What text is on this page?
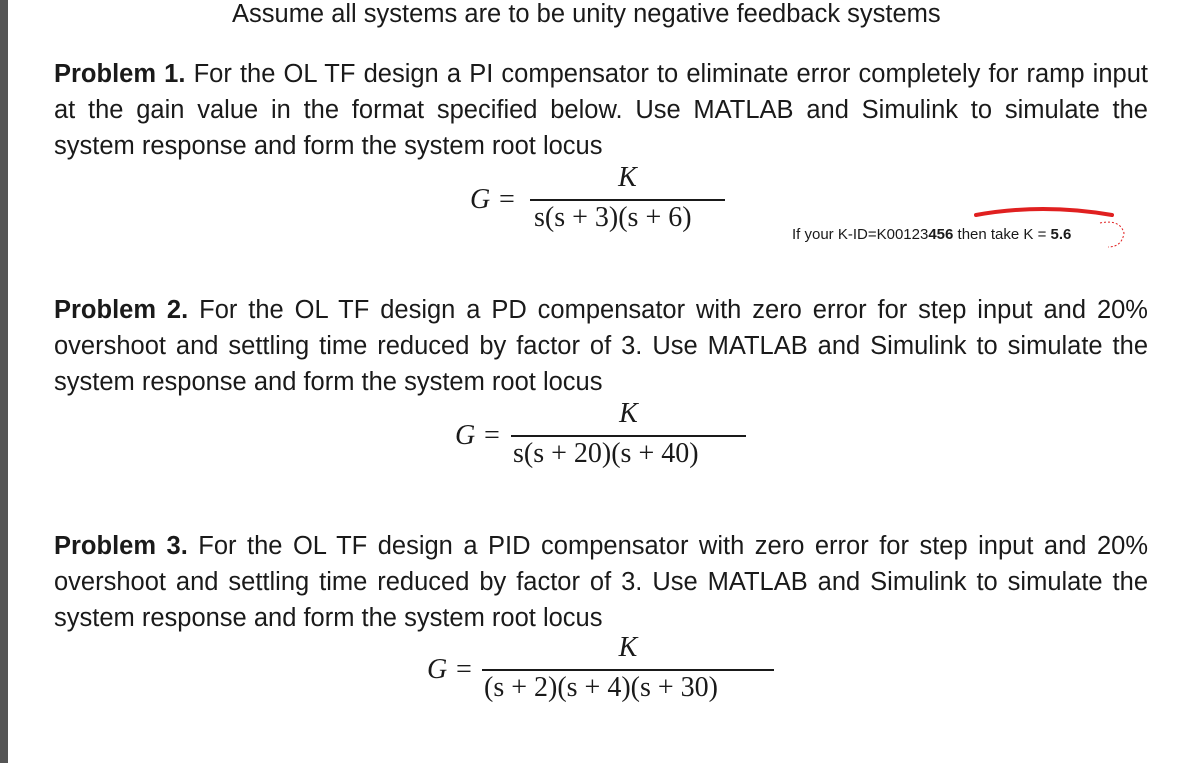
Assume all systems are to be unity negative feedback systems
Problem 1. For the OL TF design a PI compensator to eliminate error completely for ramp input at the gain value in the format specified below. Use MATLAB and Simulink to simulate the system response and form the system root locus
G =
K
s(s + 3)(s + 6)
If your K-ID=K00123456 then take K = 5.6
Problem 2. For the OL TF design a PD compensator with zero error for step input and 20% overshoot and settling time reduced by factor of 3. Use MATLAB and Simulink to simulate the system response and form the system root locus
G =
K
s(s + 20)(s + 40)
Problem 3. For the OL TF design a PID compensator with zero error for step input and 20% overshoot and settling time reduced by factor of 3. Use MATLAB and Simulink to simulate the system response and form the system root locus
G =
K
(s + 2)(s + 4)(s + 30)
